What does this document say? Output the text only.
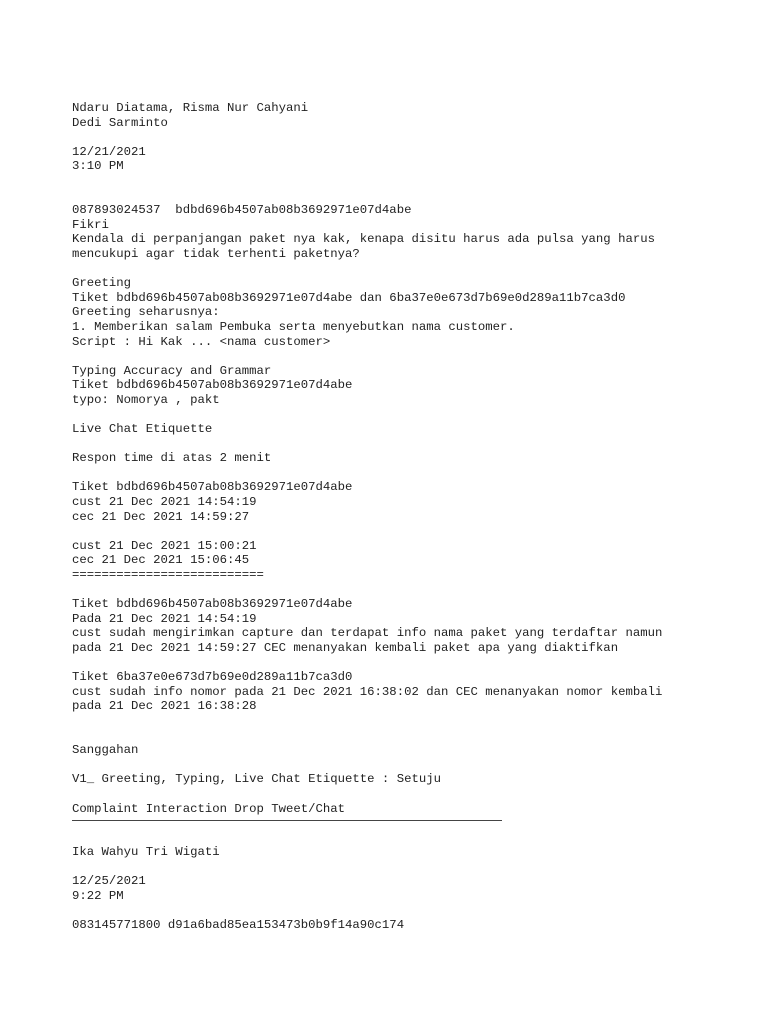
Ndaru Diatama, Risma Nur Cahyani
Dedi Sarminto
12/21/2021
3:10 PM
087893024537  bdbd696b4507ab08b3692971e07d4abe
Fikri
Kendala di perpanjangan paket nya kak, kenapa disitu harus ada pulsa yang harus
mencukupi agar tidak terhenti paketnya?
Greeting
Tiket bdbd696b4507ab08b3692971e07d4abe dan 6ba37e0e673d7b69e0d289a11b7ca3d0
Greeting seharusnya:
1. Memberikan salam Pembuka serta menyebutkan nama customer.
Script : Hi Kak ... <nama customer>
Typing Accuracy and Grammar
Tiket bdbd696b4507ab08b3692971e07d4abe
typo: Nomorya , pakt
Live Chat Etiquette
Respon time di atas 2 menit
Tiket bdbd696b4507ab08b3692971e07d4abe
cust 21 Dec 2021 14:54:19
cec 21 Dec 2021 14:59:27
cust 21 Dec 2021 15:00:21
cec 21 Dec 2021 15:06:45
==========================
Tiket bdbd696b4507ab08b3692971e07d4abe
Pada 21 Dec 2021 14:54:19
cust sudah mengirimkan capture dan terdapat info nama paket yang terdaftar namun
pada 21 Dec 2021 14:59:27 CEC menanyakan kembali paket apa yang diaktifkan
Tiket 6ba37e0e673d7b69e0d289a11b7ca3d0
cust sudah info nomor pada 21 Dec 2021 16:38:02 dan CEC menanyakan nomor kembali
pada 21 Dec 2021 16:38:28
Sanggahan
V1_ Greeting, Typing, Live Chat Etiquette : Setuju
Complaint Interaction Drop Tweet/Chat
Ika Wahyu Tri Wigati
12/25/2021
9:22 PM
083145771800 d91a6bad85ea153473b0b9f14a90c174
